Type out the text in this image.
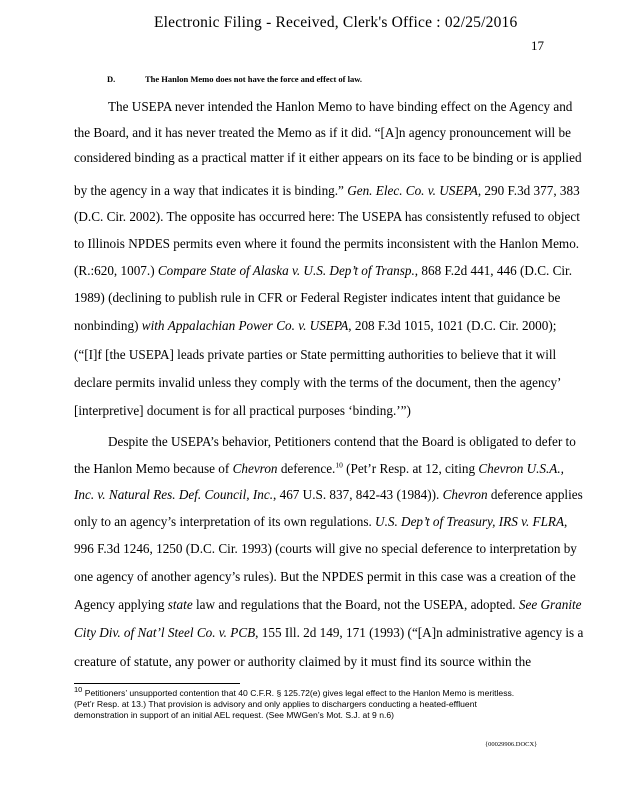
Electronic Filing - Received, Clerk's Office : 02/25/2016
17
D.	The Hanlon Memo does not have the force and effect of law.
The USEPA never intended the Hanlon Memo to have binding effect on the Agency and
the Board, and it has never treated the Memo as if it did. “[A]n agency pronouncement will be
considered binding as a practical matter if it either appears on its face to be binding or is applied
by the agency in a way that indicates it is binding.” Gen. Elec. Co. v. USEPA, 290 F.3d 377, 383
(D.C. Cir. 2002). The opposite has occurred here: The USEPA has consistently refused to object
to Illinois NPDES permits even where it found the permits inconsistent with the Hanlon Memo.
(R.:620, 1007.) Compare State of Alaska v. U.S. Dep’t of Transp., 868 F.2d 441, 446 (D.C. Cir.
1989) (declining to publish rule in CFR or Federal Register indicates intent that guidance be
nonbinding) with Appalachian Power Co. v. USEPA, 208 F.3d 1015, 1021 (D.C. Cir. 2000);
(“[I]f [the USEPA] leads private parties or State permitting authorities to believe that it will
declare permits invalid unless they comply with the terms of the document, then the agency’
[interpretive] document is for all practical purposes ‘binding.’”)
Despite the USEPA’s behavior, Petitioners contend that the Board is obligated to defer to
the Hanlon Memo because of Chevron deference.$^{10}$ (Pet’r Resp. at 12, citing Chevron U.S.A.,
Inc. v. Natural Res. Def. Council, Inc., 467 U.S. 837, 842-43 (1984)). Chevron deference applies
only to an agency’s interpretation of its own regulations. U.S. Dep’t of Treasury, IRS v. FLRA,
996 F.3d 1246, 1250 (D.C. Cir. 1993) (courts will give no special deference to interpretation by
one agency of another agency’s rules). But the NPDES permit in this case was a creation of the
Agency applying state law and regulations that the Board, not the USEPA, adopted. See Granite
City Div. of Nat’l Steel Co. v. PCB, 155 Ill. 2d 149, 171 (1993) (“[A]n administrative agency is a
creature of statute, any power or authority claimed by it must find its source within the
$^{10}$ Petitioners’ unsupported contention that 40 C.F.R. § 125.72(e) gives legal effect to the Hanlon Memo is meritless.
(Pet’r Resp. at 13.) That provision is advisory and only applies to dischargers conducting a heated-effluent
demonstration in support of an initial AEL request. (See MWGen’s Mot. S.J. at 9 n.6)
{00029906.DOCX}
